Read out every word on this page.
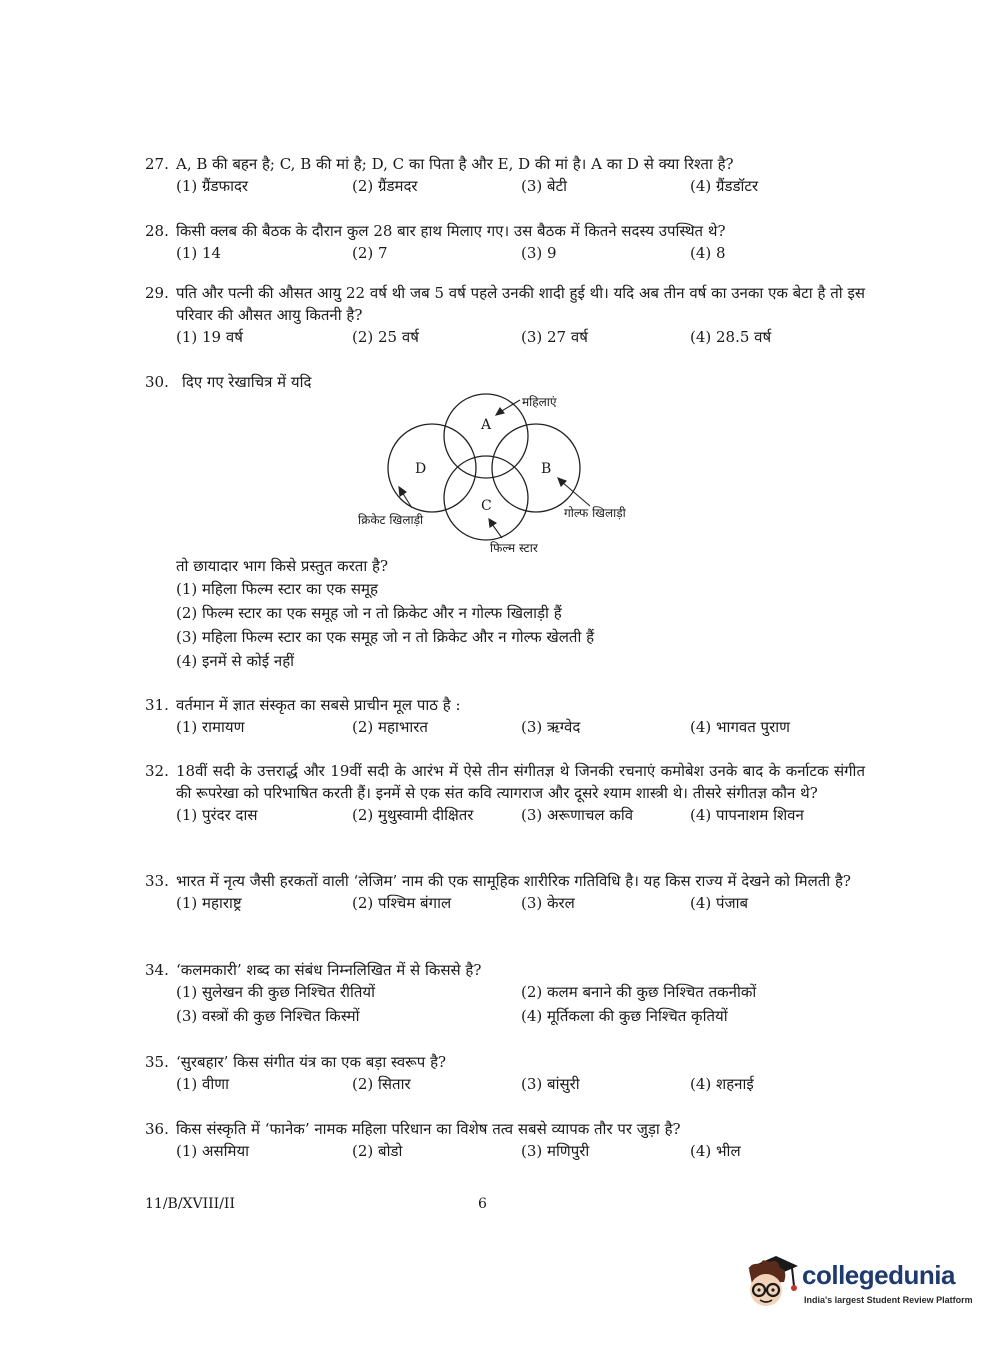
27. A, B की बहन है; C, B की मां है; D, C का पिता है और E, D की मां है। A का D से क्या रिश्ता है?
(1) ग्रैंडफादर	(2) ग्रैंडमदर	(3) बेटी	(4) ग्रैंडडॉटर
28. किसी क्लब की बैठक के दौरान कुल 28 बार हाथ मिलाए गए। उस बैठक में कितने सदस्य उपस्थित थे?
(1) 14	(2) 7	(3) 9	(4) 8
29. पति और पत्नी की औसत आयु 22 वर्ष थी जब 5 वर्ष पहले उनकी शादी हुई थी। यदि अब तीन वर्ष का उनका एक बेटा है तो इस परिवार की औसत आयु कितनी है?
(1) 19 वर्ष	(2) 25 वर्ष	(3) 27 वर्ष	(4) 28.5 वर्ष
30. दिए गए रेखाचित्र में यदि
A
B
C
D
महिलाएं
क्रिकेट खिलाड़ी	गोल्फ खिलाड़ी
फिल्म स्टार
तो छायादार भाग किसे प्रस्तुत करता है?
(1) महिला फिल्म स्टार का एक समूह
(2) फिल्म स्टार का एक समूह जो न तो क्रिकेट और न गोल्फ खिलाड़ी हैं
(3) महिला फिल्म स्टार का एक समूह जो न तो क्रिकेट और न गोल्फ खेलती हैं
(4) इनमें से कोई नहीं
31. वर्तमान में ज्ञात संस्कृत का सबसे प्राचीन मूल पाठ है :
(1) रामायण	(2) महाभारत	(3) ऋग्वेद	(4) भागवत पुराण
32. 18वीं सदी के उत्तरार्द्ध और 19वीं सदी के आरंभ में ऐसे तीन संगीतज्ञ थे जिनकी रचनाएं कमोबेश उनके बाद के कर्नाटक संगीत की रूपरेखा को परिभाषित करती हैं। इनमें से एक संत कवि त्यागराज और दूसरे श्याम शास्त्री थे। तीसरे संगीतज्ञ कौन थे?
(1) पुरंदर दास	(2) मुथुस्वामी दीक्षितर	(3) अरूणाचल कवि	(4) पापनाशम शिवन
33. भारत में नृत्य जैसी हरकतों वाली ‘लेजिम’ नाम की एक सामूहिक शारीरिक गतिविधि है। यह किस राज्य में देखने को मिलती है?
(1) महाराष्ट्र	(2) पश्चिम बंगाल	(3) केरल	(4) पंजाब
34. ‘कलमकारी’ शब्द का संबंध निम्नलिखित में से किससे है?
(1) सुलेखन की कुछ निश्चित रीतियों	(2) कलम बनाने की कुछ निश्चित तकनीकों
(3) वस्त्रों की कुछ निश्चित किस्मों	(4) मूर्तिकला की कुछ निश्चित कृतियों
35. ‘सुरबहार’ किस संगीत यंत्र का एक बड़ा स्वरूप है?
(1) वीणा	(2) सितार	(3) बांसुरी	(4) शहनाई
36. किस संस्कृति में ‘फानेक’ नामक महिला परिधान का विशेष तत्व सबसे व्यापक तौर पर जुड़ा है?
(1) असमिया	(2) बोडो	(3) मणिपुरी	(4) भील
11/B/XVIII/II	6
collegedunia
India's largest Student Review Platform
